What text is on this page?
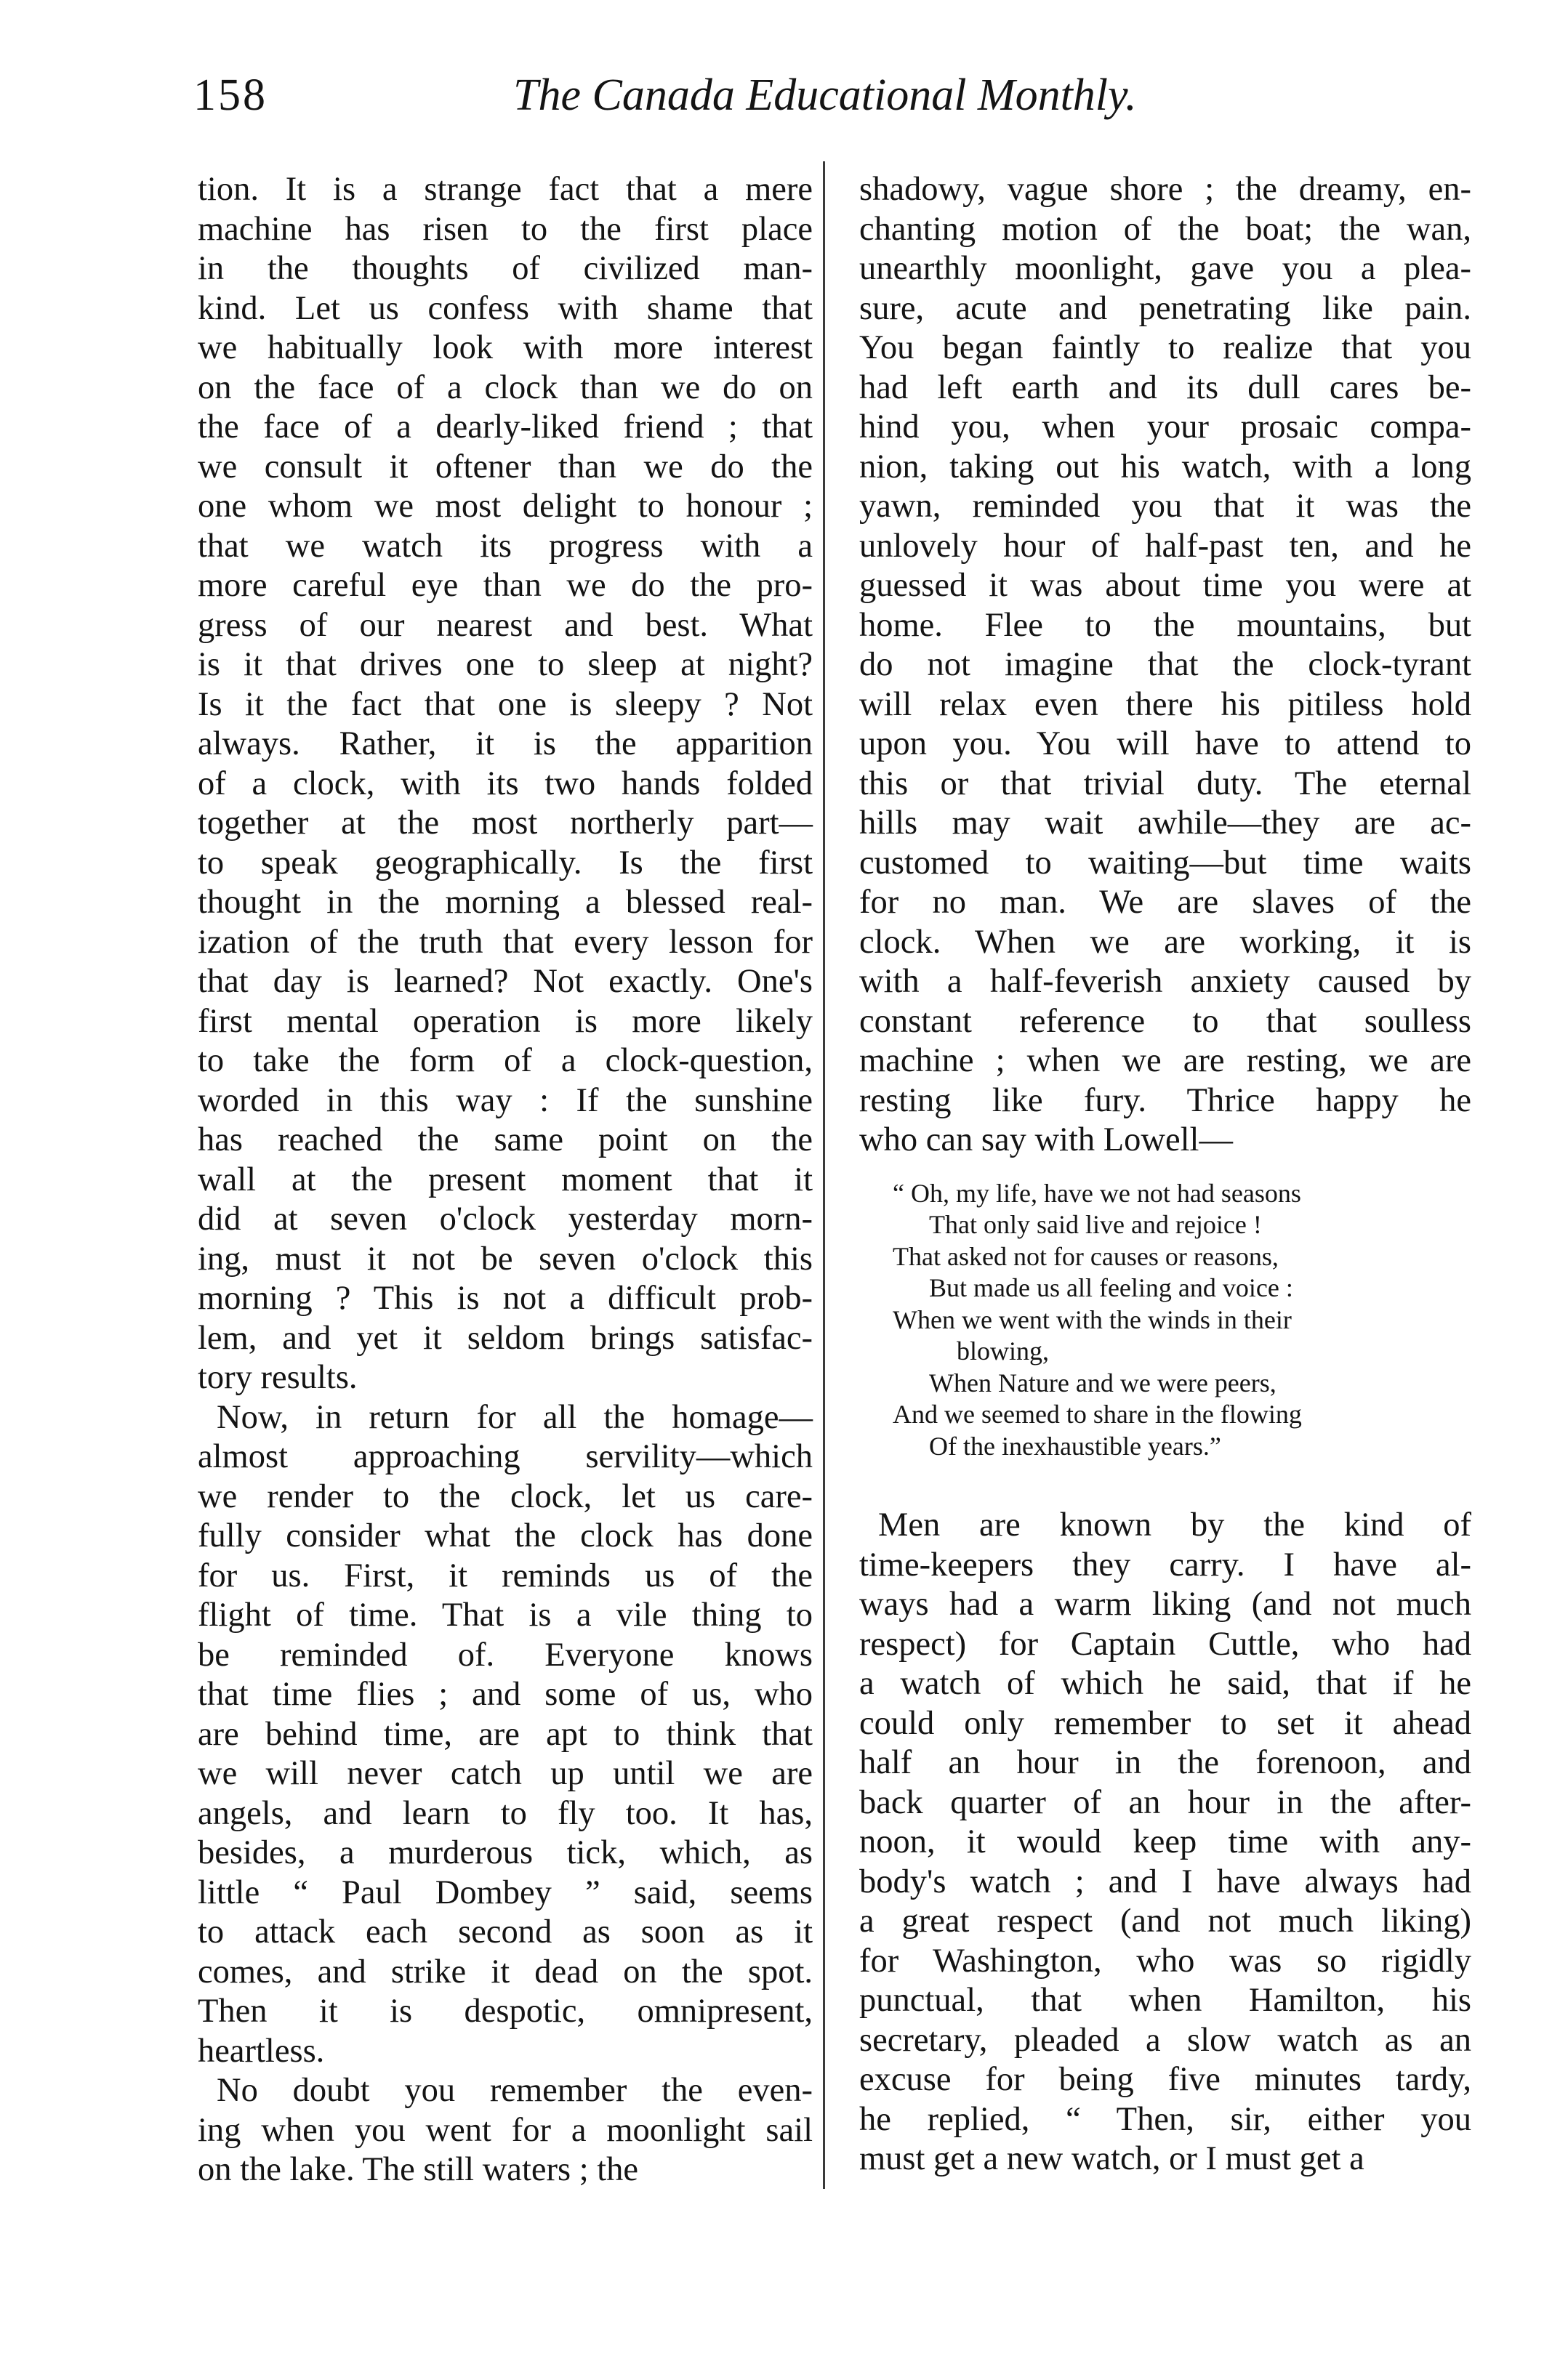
158	The Canada Educational Monthly.

tion. It is a strange fact that a mere
machine has risen to the first place
in the thoughts of civilized man-
kind. Let us confess with shame that
we habitually look with more interest
on the face of a clock than we do on
the face of a dearly-liked friend ; that
we consult it oftener than we do the
one whom we most delight to honour ;
that we watch its progress with a
more careful eye than we do the pro-
gress of our nearest and best. What
is it that drives one to sleep at night?
Is it the fact that one is sleepy ? Not
always. Rather, it is the apparition
of a clock, with its two hands folded
together at the most northerly part—
to speak geographically. Is the first
thought in the morning a blessed real-
ization of the truth that every lesson for
that day is learned? Not exactly. One's
first mental operation is more likely
to take the form of a clock-question,
worded in this way : If the sunshine
has reached the same point on the
wall at the present moment that it
did at seven o'clock yesterday morn-
ing, must it not be seven o'clock this
morning ? This is not a difficult prob-
lem, and yet it seldom brings satisfac-
tory results.

Now, in return for all the homage—
almost approaching servility—which
we render to the clock, let us care-
fully consider what the clock has done
for us. First, it reminds us of the
flight of time. That is a vile thing to
be reminded of. Everyone knows
that time flies ; and some of us, who
are behind time, are apt to think that
we will never catch up until we are
angels, and learn to fly too. It has,
besides, a murderous tick, which, as
little “ Paul Dombey ” said, seems
to attack each second as soon as it
comes, and strike it dead on the spot.
Then it is despotic, omnipresent,
heartless.

No doubt you remember the even-
ing when you went for a moonlight sail
on the lake. The still waters ; the

shadowy, vague shore ; the dreamy, en-
chanting motion of the boat; the wan,
unearthly moonlight, gave you a plea-
sure, acute and penetrating like pain.
You began faintly to realize that you
had left earth and its dull cares be-
hind you, when your prosaic compa-
nion, taking out his watch, with a long
yawn, reminded you that it was the
unlovely hour of half-past ten, and he
guessed it was about time you were at
home. Flee to the mountains, but
do not imagine that the clock-tyrant
will relax even there his pitiless hold
upon you. You will have to attend to
this or that trivial duty. The eternal
hills may wait awhile—they are ac-
customed to waiting—but time waits
for no man. We are slaves of the
clock. When we are working, it is
with a half-feverish anxiety caused by
constant reference to that soulless
machine ; when we are resting, we are
resting like fury. Thrice happy he
who can say with Lowell—

“ Oh, my life, have we not had seasons
That only said live and rejoice !
That asked not for causes or reasons,
But made us all feeling and voice :
When we went with the winds in their
blowing,
When Nature and we were peers,
And we seemed to share in the flowing
Of the inexhaustible years.”

Men are known by the kind of
time-keepers they carry. I have al-
ways had a warm liking (and not much
respect) for Captain Cuttle, who had
a watch of which he said, that if he
could only remember to set it ahead
half an hour in the forenoon, and
back quarter of an hour in the after-
noon, it would keep time with any-
body's watch ; and I have always had
a great respect (and not much liking)
for Washington, who was so rigidly
punctual, that when Hamilton, his
secretary, pleaded a slow watch as an
excuse for being five minutes tardy,
he replied, “ Then, sir, either you
must get a new watch, or I must get a
